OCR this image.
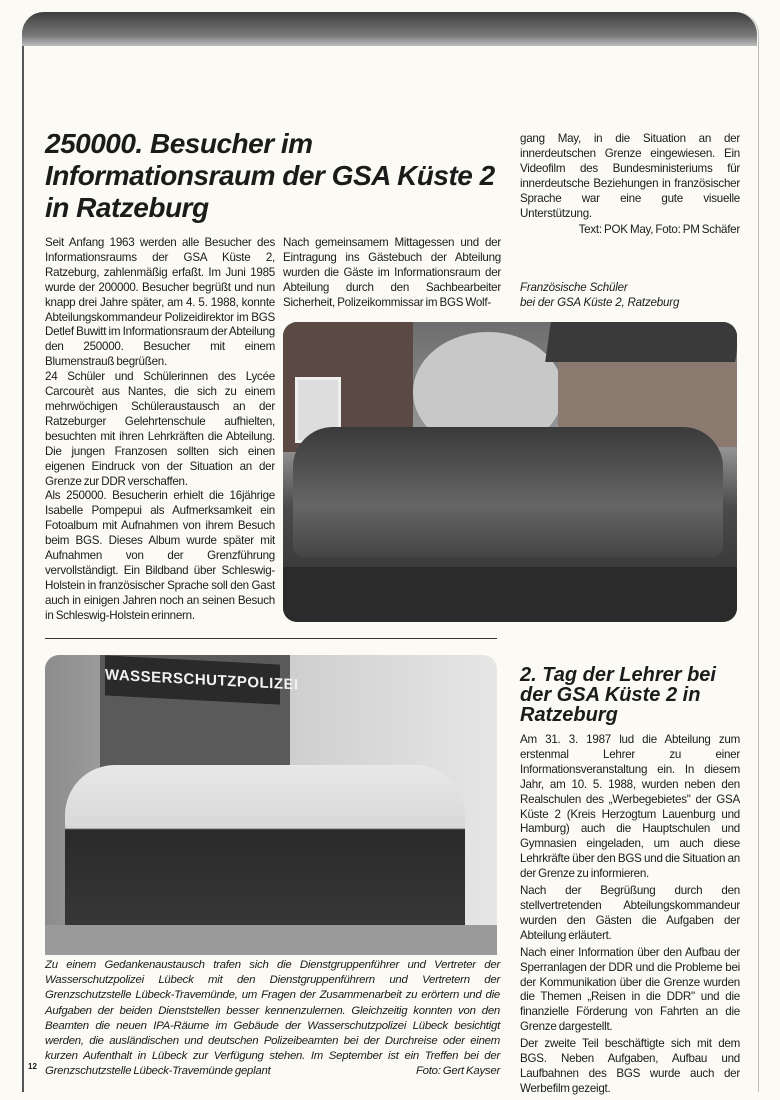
250000. Besucher im Informationsraum der GSA Küste 2 in Ratzeburg

Seit Anfang 1963 werden alle Besucher des Informationsraums der GSA Küste 2, Ratzeburg, zahlenmäßig erfaßt. Im Juni 1985 wurde der 200000. Besucher begrüßt und nun knapp drei Jahre später, am 4. 5. 1988, konnte Abteilungskommandeur Polizeidirektor im BGS Detlef Buwitt im Informationsraum der Abteilung den 250000. Besucher mit einem Blumenstrauß begrüßen.

24 Schüler und Schülerinnen des Lycée Carcourèt aus Nantes, die sich zu einem mehrwöchigen Schüleraustausch an der Ratzeburger Gelehrtenschule aufhielten, besuchten mit ihren Lehrkräften die Abteilung. Die jungen Franzosen sollten sich einen eigenen Eindruck von der Situation an der Grenze zur DDR verschaffen.

Als 250000. Besucherin erhielt die 16jährige Isabelle Pompepui als Aufmerksamkeit ein Fotoalbum mit Aufnahmen von ihrem Besuch beim BGS. Dieses Album wurde später mit Aufnahmen von der Grenzführung vervollständigt. Ein Bildband über Schleswig-Holstein in französischer Sprache soll den Gast auch in einigen Jahren noch an seinen Besuch in Schleswig-Holstein erinnern.

Nach gemeinsamem Mittagessen und der Eintragung ins Gästebuch der Abteilung wurden die Gäste im Informationsraum der Abteilung durch den Sachbearbeiter Sicherheit, Polizeikommissar im BGS Wolf-

gang May, in die Situation an der innerdeutschen Grenze eingewiesen. Ein Videofilm des Bundesministeriums für innerdeutsche Beziehungen in französischer Sprache war eine gute visuelle Unterstützung.

Text: POK May, Foto: PM Schäfer

Französische Schüler
bei der GSA Küste 2, Ratzeburg
WASSERSCHUTZPOLIZEI
Zu einem Gedankenaustausch trafen sich die Dienstgruppenführer und Vertreter der Wasserschutzpolizei Lübeck mit den Dienstgruppenführern und Vertretern der Grenzschutzstelle Lübeck-Travemünde, um Fragen der Zusammenarbeit zu erörtern und die Aufgaben der beiden Dienststellen besser kennenzulernen. Gleichzeitig konnten von den Beamten die neuen IPA-Räume im Gebäude der Wasserschutzpolizei Lübeck besichtigt werden, die ausländischen und deutschen Polizeibeamten bei der Durchreise oder einem kurzen Aufenthalt in Lübeck zur Verfügung stehen. Im September ist ein Treffen bei der Grenzschutzstelle Lübeck-Travemünde geplant	Foto: Gert Kayser
12
2. Tag der Lehrer bei der GSA Küste 2 in Ratzeburg

Am 31. 3. 1987 lud die Abteilung zum erstenmal Lehrer zu einer Informationsveranstaltung ein. In diesem Jahr, am 10. 5. 1988, wurden neben den Realschulen des „Werbegebietes" der GSA Küste 2 (Kreis Herzogtum Lauenburg und Hamburg) auch die Hauptschulen und Gymnasien eingeladen, um auch diese Lehrkräfte über den BGS und die Situation an der Grenze zu informieren.

Nach der Begrüßung durch den stellvertretenden Abteilungskommandeur wurden den Gästen die Aufgaben der Abteilung erläutert.

Nach einer Information über den Aufbau der Sperranlagen der DDR und die Probleme bei der Kommunikation über die Grenze wurden die Themen „Reisen in die DDR" und die finanzielle Förderung von Fahrten an die Grenze dargestellt.

Der zweite Teil beschäftigte sich mit dem BGS. Neben Aufgaben, Aufbau und Laufbahnen des BGS wurde auch der Werbefilm gezeigt.
